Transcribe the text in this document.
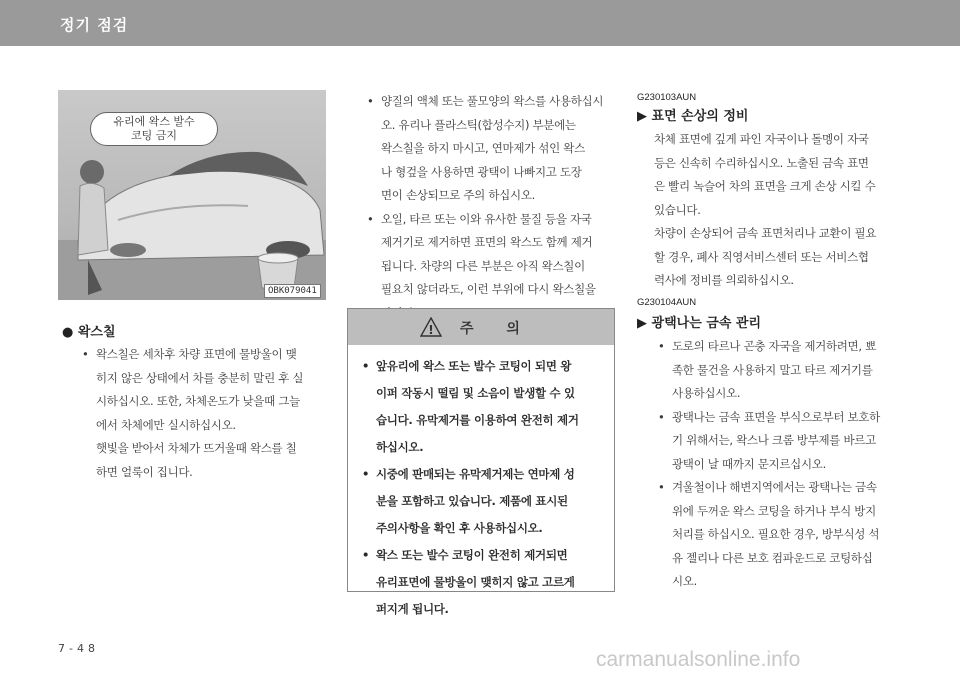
정기 점검
유리에 왁스 발수
코팅 금지
OBK079041
● 왁스칠

• 왁스칠은 세차후 차량 표면에 물방울이 맺

히지 않은 상태에서 차를 충분히 말린 후 실

시하십시오. 또한, 차체온도가 낮을때 그늘

에서 차체에만 실시하십시오.

햇빛을 받아서 차체가 뜨거울때 왁스를 칠

하면 얼룩이 집니다.

• 양질의 액체 또는 풀모양의 왁스를 사용하십시

오. 유리나 플라스틱(합성수지) 부분에는

왁스칠을 하지 마시고, 연마제가 섞인 왁스

나 형겊을 사용하면 광택이 나빠지고 도장

면이 손상되므로 주의 하십시오.

• 오일, 타르 또는 이와 유사한 물질 등을 자국

제거기로 제거하면 표면의 왁스도 함께 제거

됩니다. 차량의 다른 부분은 아직 왁스칠이

필요치 않더라도, 이런 부위에 다시 왁스칠을

! 주 의

• 앞유리에 왁스 또는 발수 코팅이 되면 왕

이퍼 작동시 떨림 및 소음이 발생할 수 있

습니다. 유막제거를 이용하여 완전히 제거

하십시오.

• 시중에 판매되는 유막제거제는 연마제 성

분을 포함하고 있습니다. 제품에 표시된

주의사항을 확인 후 사용하십시오.

• 왁스 또는 발수 코팅이 완전히 제거되면

유리표면에 물방울이 맺히지 않고 고르게

퍼지게 됩니다.

G230103AUN
▶ 표면 손상의 정비

차체 표면에 깊게 파인 자국이나 돌멩이 자국

등은 신속히 수리하십시오. 노출된 금속 표면

은 빨리 녹슬어 차의 표면을 크게 손상 시킬 수

있습니다.

차량이 손상되어 금속 표면처리나 교환이 필요

할 경우, 폐사 직영서비스센터 또는 서비스협

력사에 정비를 의뢰하십시오.

G230104AUN
▶ 광택나는 금속 관리

• 도로의 타르나 곤충 자국을 제거하려면, 뾰

족한 물건을 사용하지 말고 타르 제거기를

사용하십시오.

• 광택나는 금속 표면을 부식으로부터 보호하

기 위해서는, 왁스나 크롬 방부제를 바르고

광택이 날 때까지 문지르십시오.

• 겨울철이나 해변지역에서는 광택나는 금속

위에 두꺼운 왁스 코팅을 하거나 부식 방지

처리를 하십시오. 필요한 경우, 방부식성 석

유 젤리나 다른 보호 컴파운드로 코팅하십

시오.

7-48	carmanualsonline.info
